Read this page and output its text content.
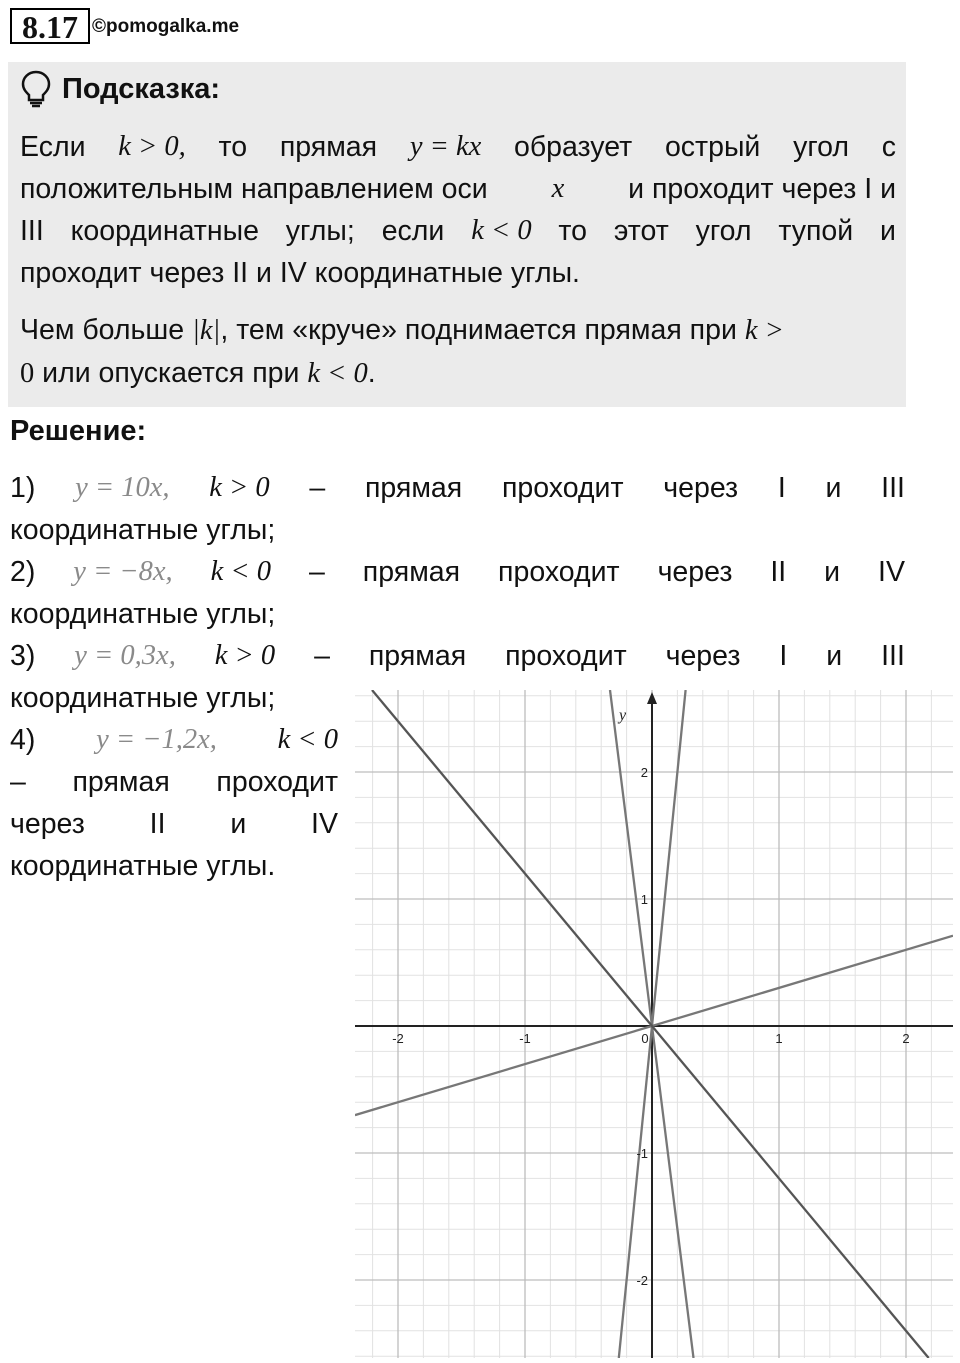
8.17 ©pomogalka.me
Подсказка:
Если k > 0, то прямая y = kx образует острый угол с
положительным направлением оси x и проходит через I и
III координатные углы; если k < 0 то этот угол тупой и
проходит через II и IV координатные углы.
Чем больше |k|, тем «круче» поднимается прямая при k >
0 или опускается при k < 0.
Решение:
1) y = 10x, k > 0 – прямая проходит через I и III
координатные углы;
2) y = −8x, k < 0 – прямая проходит через II и IV
координатные углы;
3) y = 0,3x, k > 0 – прямая проходит через I и III
координатные углы;
4) y = −1,2x, k < 0
– прямая проходит
через II и IV
координатные углы.
-2	-1	0	1	2
2
1
-1
-2
y
